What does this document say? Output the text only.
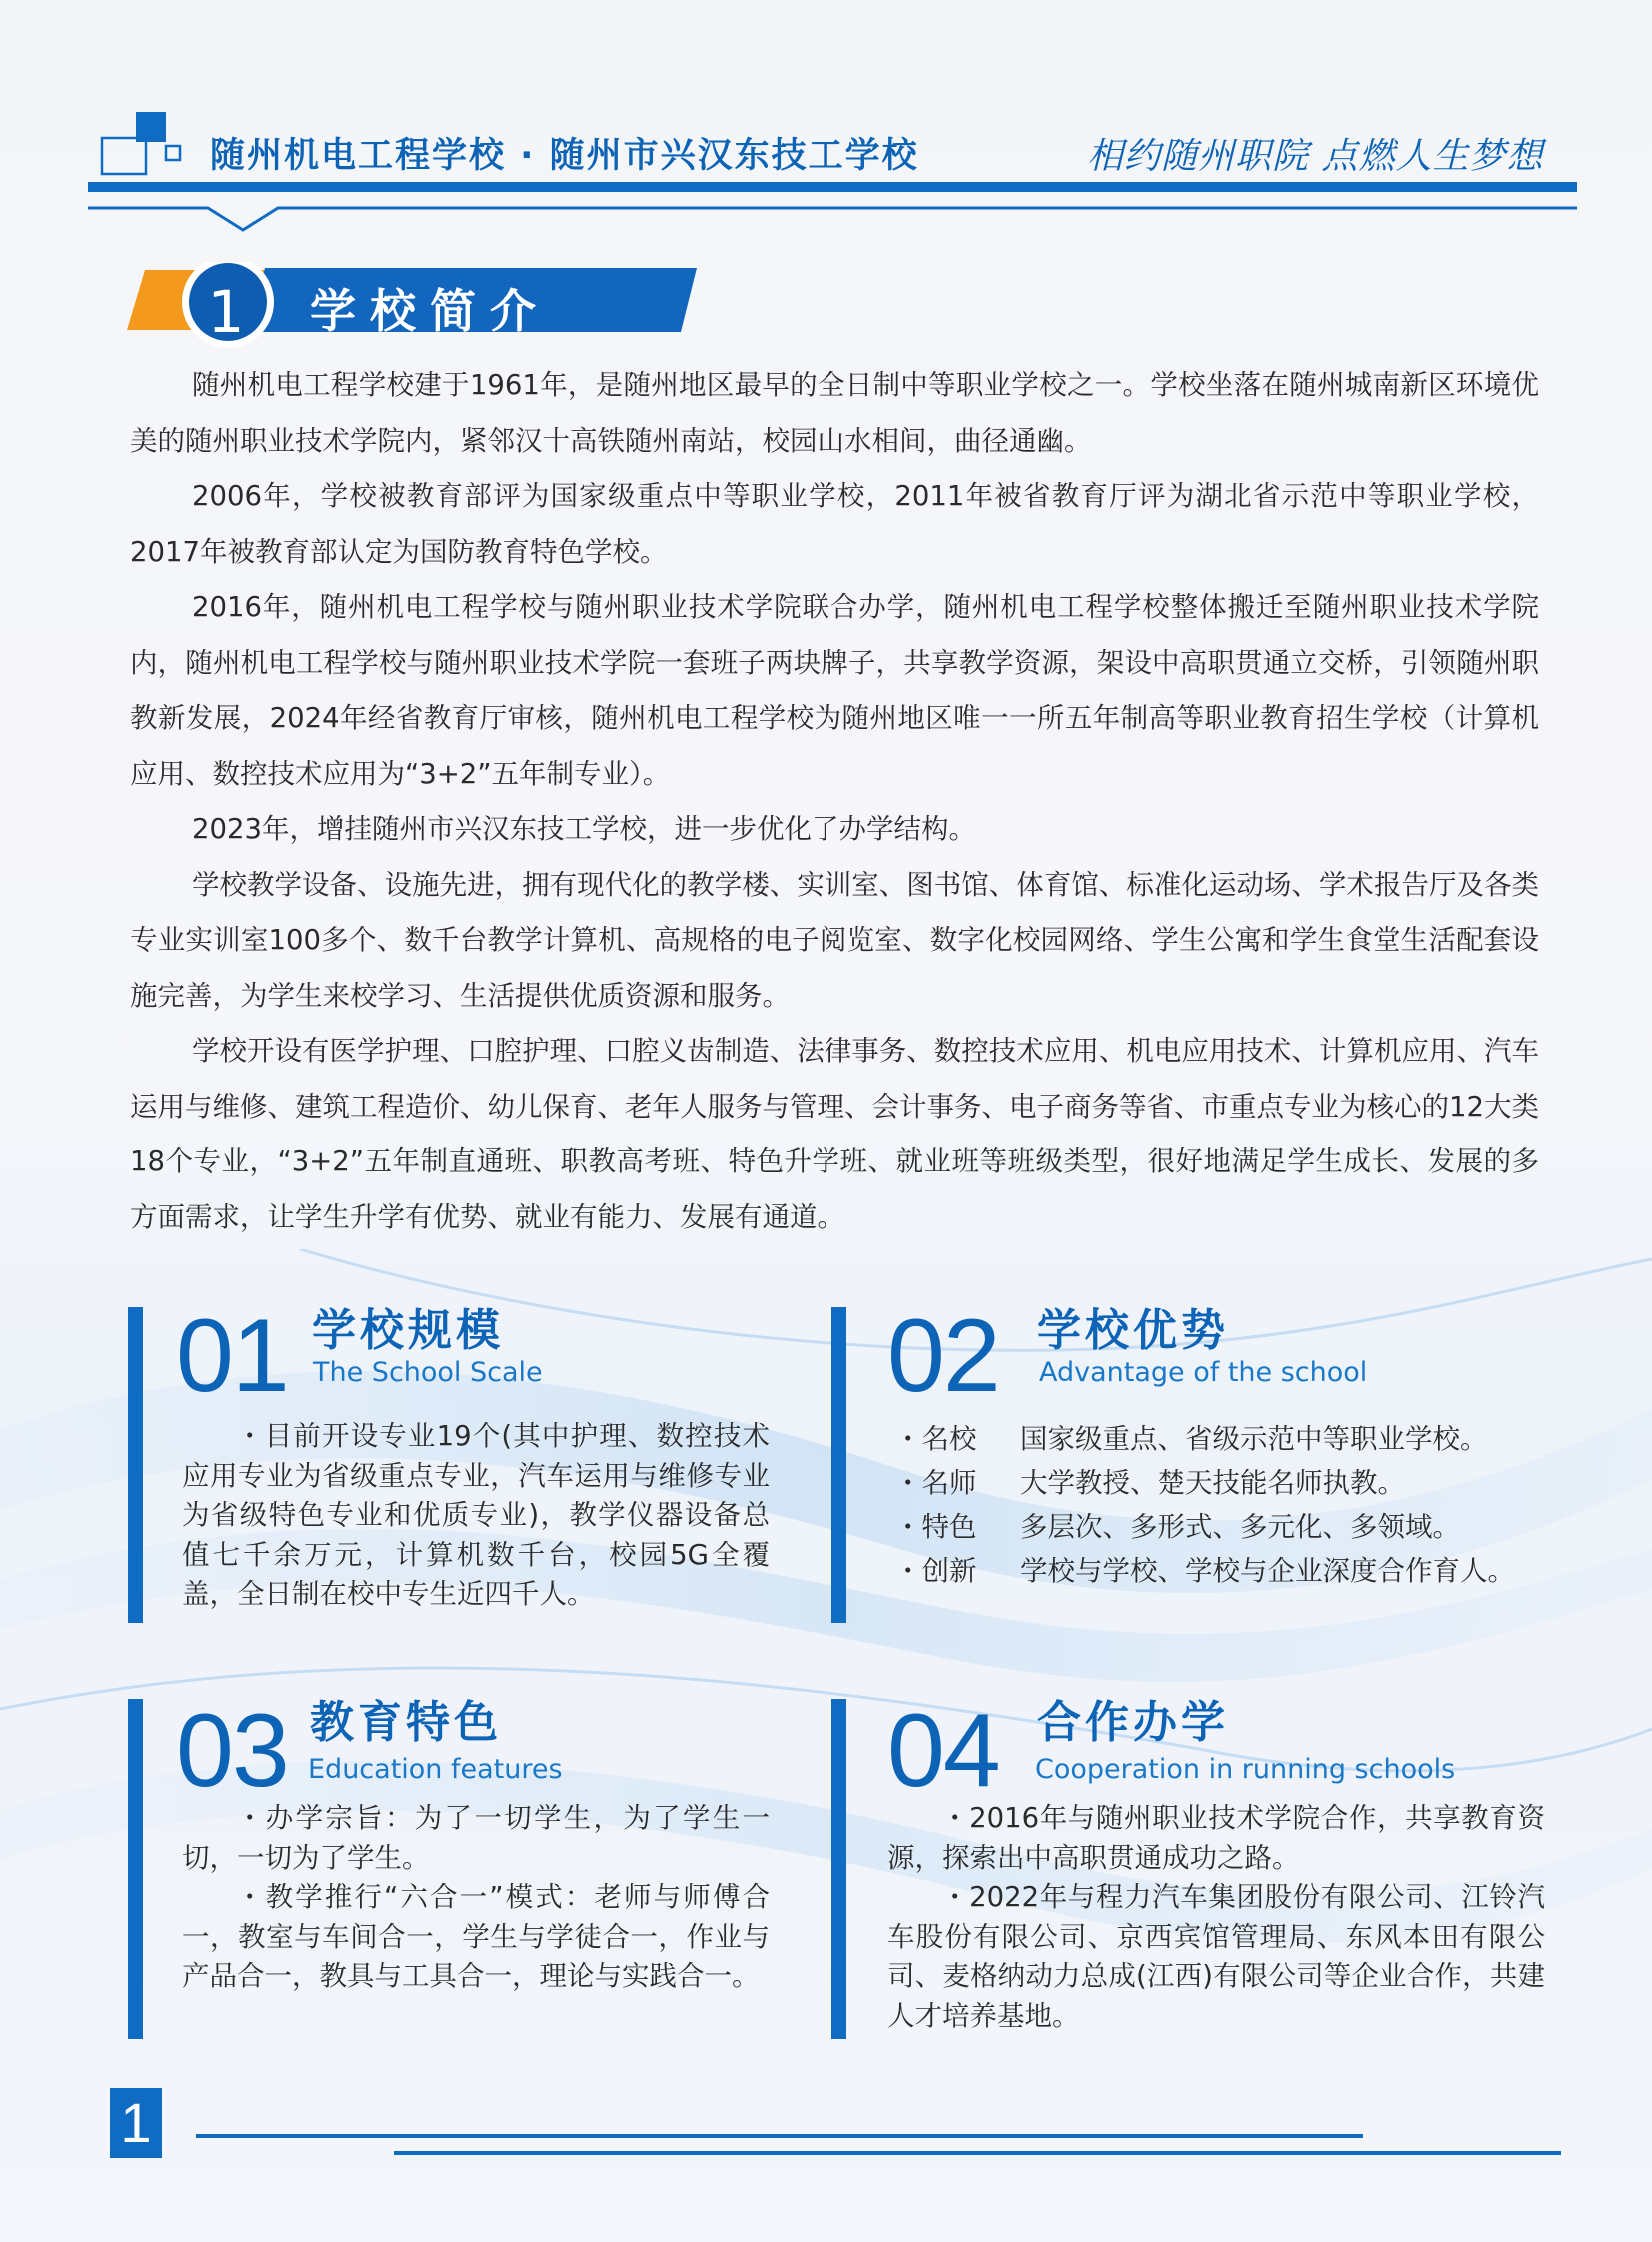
随州机电工程学校 · 随州市兴汉东技工学校	相约随州职院 点燃人生梦想
1	学校简介

随州机电工程学校建于1961年，是随州地区最早的全日制中等职业学校之一。学校坐落在随州城南新区环境优美的随州职业技术学院内，紧邻汉十高铁随州南站，校园山水相间，曲径通幽。

2006年，学校被教育部评为国家级重点中等职业学校，2011年被省教育厅评为湖北省示范中等职业学校，2017年被教育部认定为国防教育特色学校。

2016年，随州机电工程学校与随州职业技术学院联合办学，随州机电工程学校整体搬迁至随州职业技术学院内，随州机电工程学校与随州职业技术学院一套班子两块牌子，共享教学资源，架设中高职贯通立交桥，引领随州职教新发展，2024年经省教育厅审核，随州机电工程学校为随州地区唯一一所五年制高等职业教育招生学校（计算机应用、数控技术应用为“3+2”五年制专业）。

2023年，增挂随州市兴汉东技工学校，进一步优化了办学结构。

学校教学设备、设施先进，拥有现代化的教学楼、实训室、图书馆、体育馆、标准化运动场、学术报告厅及各类专业实训室100多个、数千台教学计算机、高规格的电子阅览室、数字化校园网络、学生公寓和学生食堂生活配套设施完善，为学生来校学习、生活提供优质资源和服务。

学校开设有医学护理、口腔护理、口腔义齿制造、法律事务、数控技术应用、机电应用技术、计算机应用、汽车运用与维修、建筑工程造价、幼儿保育、老年人服务与管理、会计事务、电子商务等省、市重点专业为核心的12大类18个专业，“3+2”五年制直通班、职教高考班、特色升学班、就业班等班级类型，很好地满足学生成长、发展的多方面需求，让学生升学有优势、就业有能力、发展有通道。

01 学校规模
The School Scale

・目前开设专业19个(其中护理、数控技术应用专业为省级重点专业，汽车运用与维修专业为省级特色专业和优质专业)，教学仪器设备总值七千余万元，计算机数千台，校园5G全覆盖，全日制在校中专生近四千人。

02 学校优势
Advantage of the school
・名校	国家级重点、省级示范中等职业学校。
・名师	大学教授、楚天技能名师执教。
・特色	多层次、多形式、多元化、多领域。
・创新	学校与学校、学校与企业深度合作育人。
03 教育特色
Education features

・办学宗旨：为了一切学生，为了学生一切，一切为了学生。

・教学推行“六合一”模式：老师与师傅合一，教室与车间合一，学生与学徒合一，作业与产品合一，教具与工具合一，理论与实践合一。

04 合作办学
Cooperation in running schools

・2016年与随州职业技术学院合作，共享教育资源，探索出中高职贯通成功之路。

・2022年与程力汽车集团股份有限公司、江铃汽车股份有限公司、京西宾馆管理局、东风本田有限公司、麦格纳动力总成(江西)有限公司等企业合作，共建人才培养基地。

1
